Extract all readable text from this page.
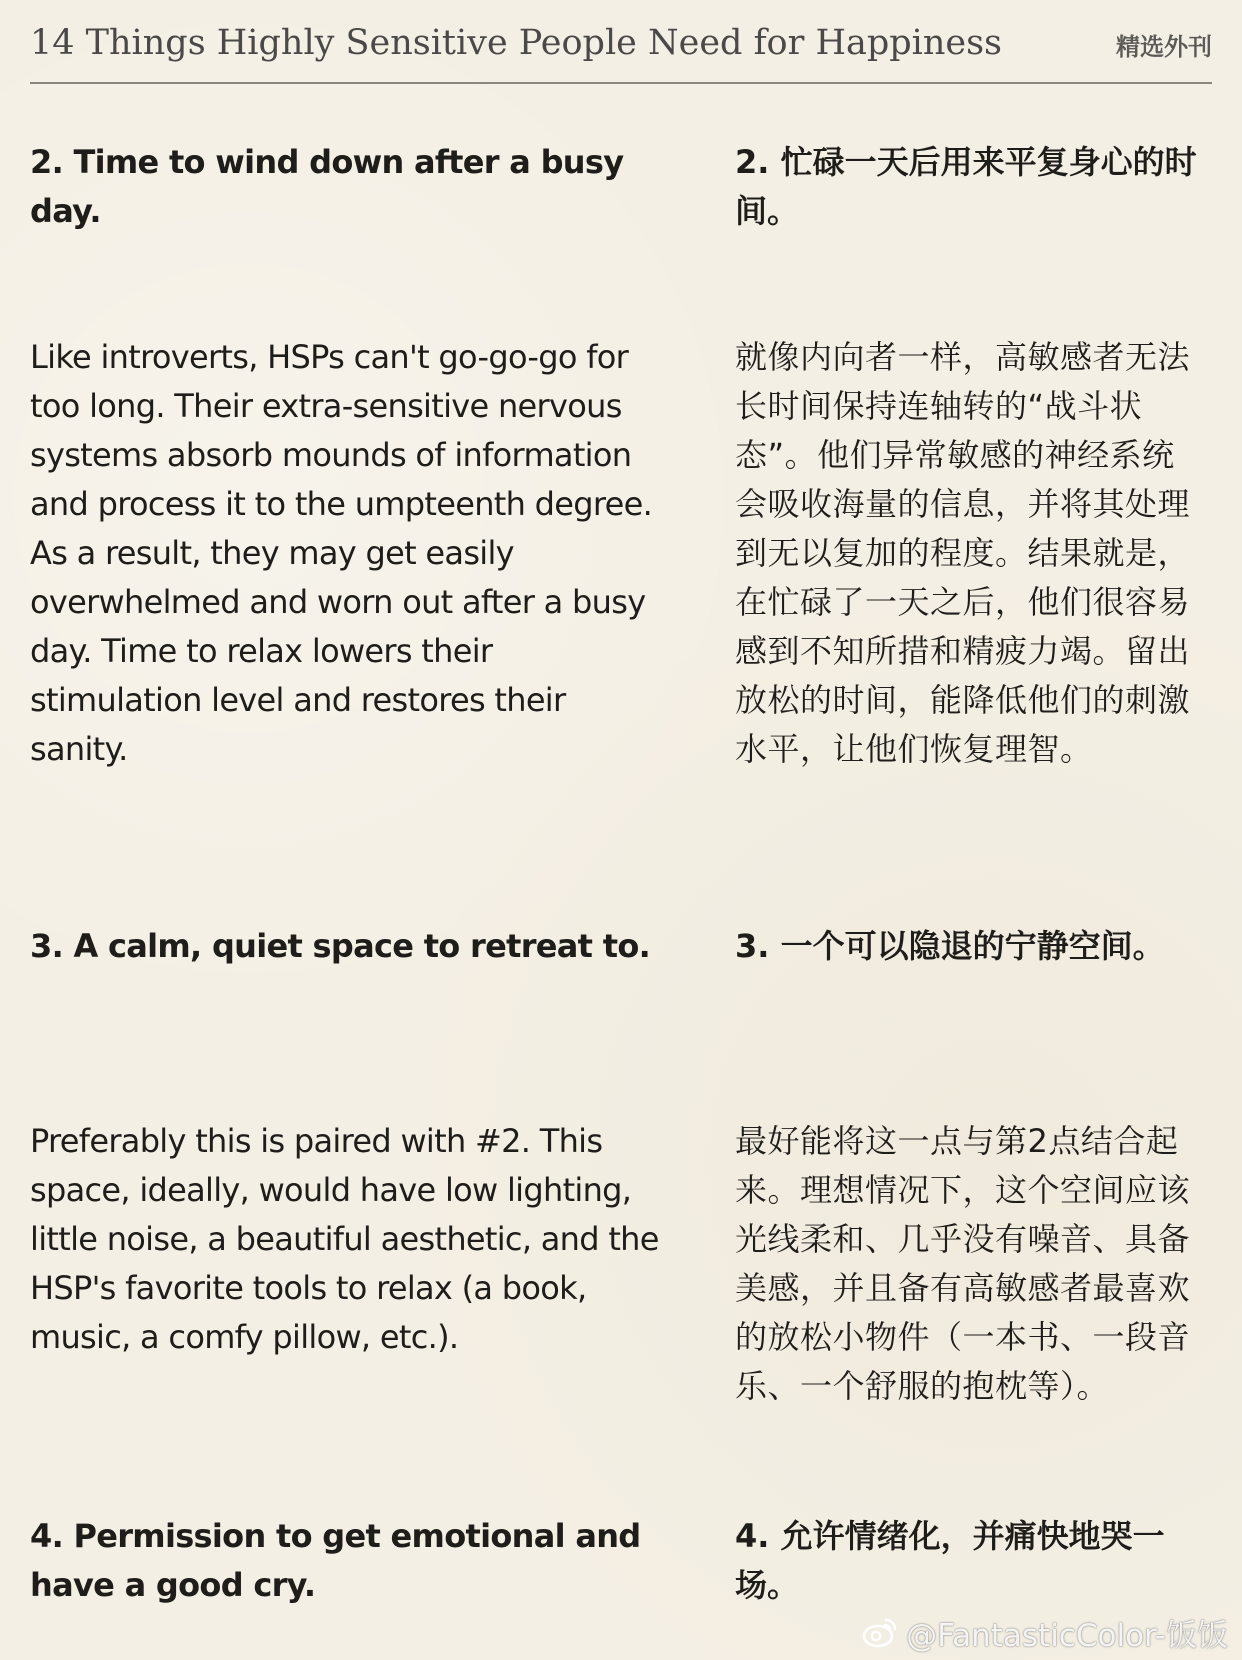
14 Things Highly Sensitive People Need for Happiness	精选外刊
2. Time to wind down after a busy day.
2. 忙碌一天后用来平复身心的时间。
Like introverts, HSPs can't go-go-go for too long. Their extra-sensitive nervous systems absorb mounds of information and process it to the umpteenth degree. As a result, they may get easily overwhelmed and worn out after a busy day. Time to relax lowers their stimulation level and restores their sanity.
就像内向者一样，高敏感者无法长时间保持连轴转的“战斗状态”。他们异常敏感的神经系统会吸收海量的信息，并将其处理到无以复加的程度。结果就是，在忙碌了一天之后，他们很容易感到不知所措和精疲力竭。留出放松的时间，能降低他们的刺激水平，让他们恢复理智。
3. A calm, quiet space to retreat to.	3. 一个可以隐退的宁静空间。
Preferably this is paired with #2. This space, ideally, would have low lighting, little noise, a beautiful aesthetic, and the HSP's favorite tools to relax (a book, music, a comfy pillow, etc.).
最好能将这一点与第2点结合起来。理想情况下，这个空间应该光线柔和、几乎没有噪音、具备美感，并且备有高敏感者最喜欢的放松小物件（一本书、一段音乐、一个舒服的抱枕等）。
4. Permission to get emotional and have a good cry.
4. 允许情绪化，并痛快地哭一场。
@FantasticColor-饭饭
